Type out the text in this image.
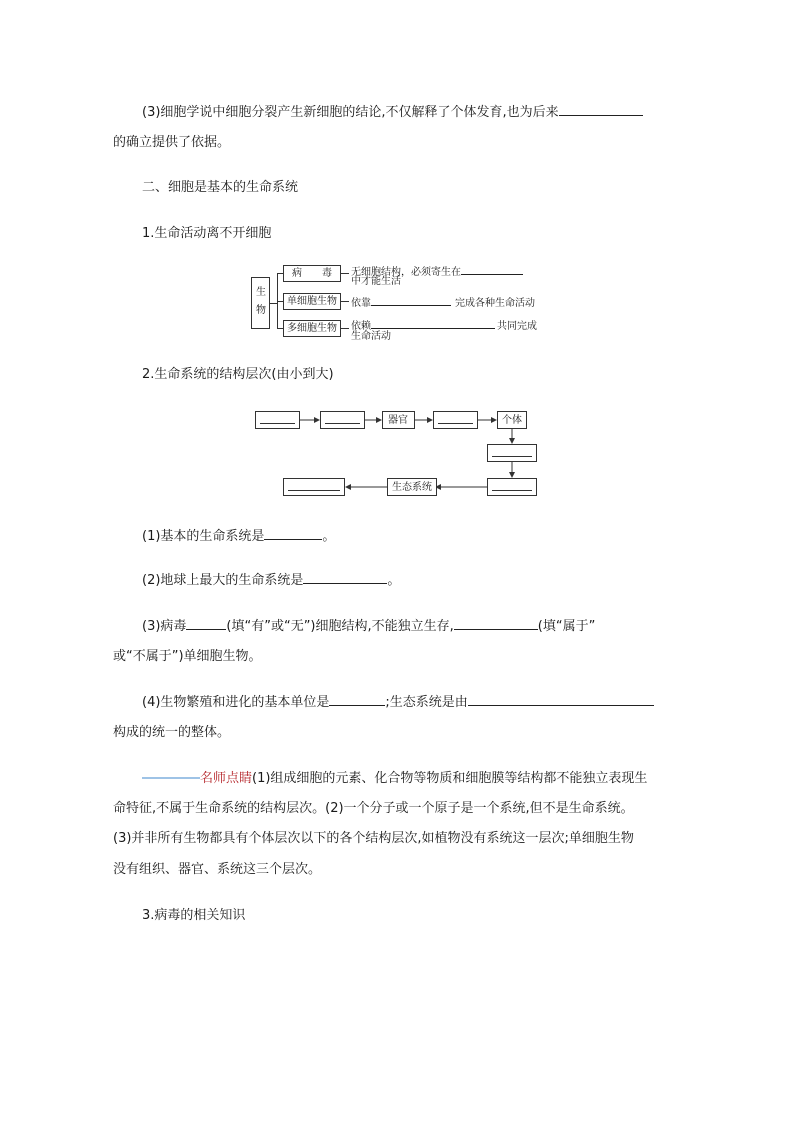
(3)细胞学说中细胞分裂产生新细胞的结论,不仅解释了个体发育,也为后来
的确立提供了依据。
二、细胞是基本的生命系统
1.生命活动离不开细胞
生物
病　　毒
单细胞生物
多细胞生物
无细胞结构，必须寄生在
中才能生活
依靠	完成各种生命活动
依赖	共同完成
生命活动
2.生命系统的结构层次(由小到大)
器官	个体
生态系统
(1)基本的生命系统是	。
(2)地球上最大的生命系统是	。
(3)病毒	(填“有”或“无”)细胞结构,不能独立生存,	(填“属于”
或“不属于”)单细胞生物。
(4)生物繁殖和进化的基本单位是	;生态系统是由
构成的统一的整体。
名师点睛(1)组成细胞的元素、化合物等物质和细胞膜等结构都不能独立表现生
命特征,不属于生命系统的结构层次。(2)一个分子或一个原子是一个系统,但不是生命系统。
(3)并非所有生物都具有个体层次以下的各个结构层次,如植物没有系统这一层次;单细胞生物
没有组织、器官、系统这三个层次。
3.病毒的相关知识
